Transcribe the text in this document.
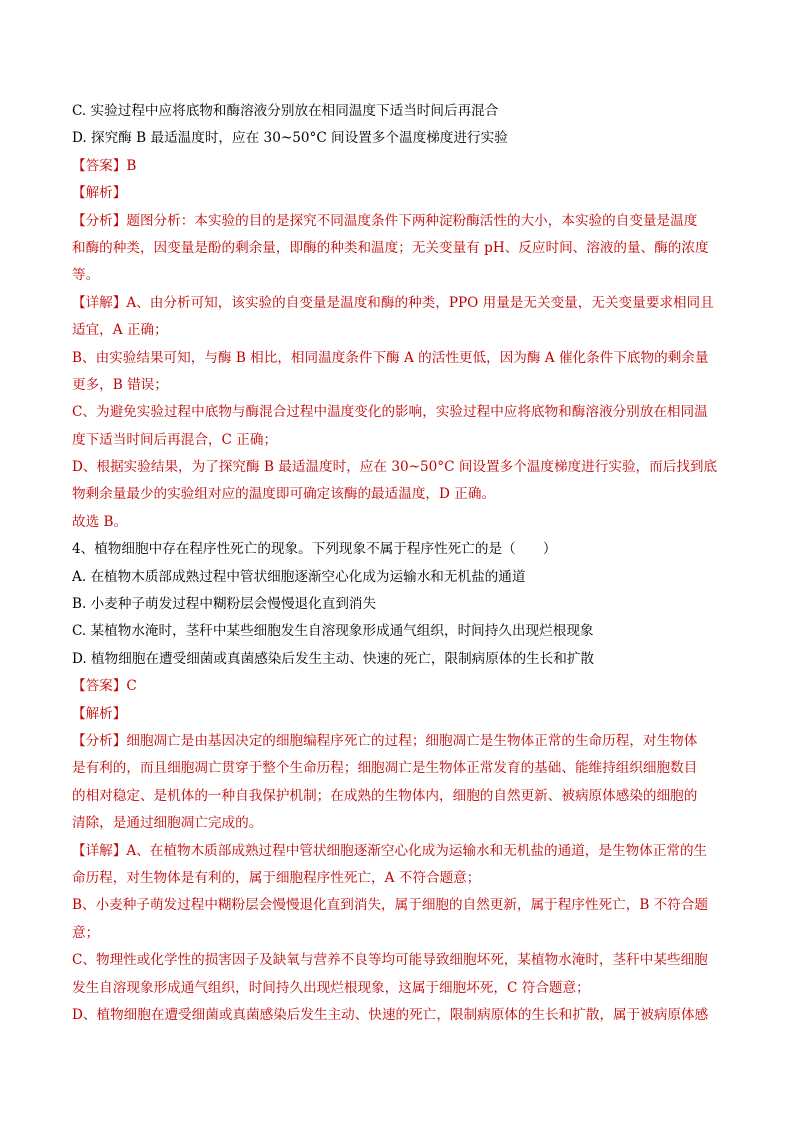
C. 实验过程中应将底物和酶溶液分别放在相同温度下适当时间后再混合
D. 探究酶 B 最适温度时，应在 30~50°C 间设置多个温度梯度进行实验
【答案】B
【解析】
【分析】题图分析：本实验的目的是探究不同温度条件下两种淀粉酶活性的大小，本实验的自变量是温度
和酶的种类，因变量是酚的剩余量，即酶的种类和温度；无关变量有 pH、反应时间、溶液的量、酶的浓度
等。
【详解】A、由分析可知，该实验的自变量是温度和酶的种类，PPO 用量是无关变量，无关变量要求相同且
适宜，A 正确；
B、由实验结果可知，与酶 B 相比，相同温度条件下酶 A 的活性更低，因为酶 A 催化条件下底物的剩余量
更多，B 错误；
C、为避免实验过程中底物与酶混合过程中温度变化的影响，实验过程中应将底物和酶溶液分别放在相同温
度下适当时间后再混合，C 正确；
D、根据实验结果，为了探究酶 B 最适温度时，应在 30~50°C 间设置多个温度梯度进行实验，而后找到底
物剩余量最少的实验组对应的温度即可确定该酶的最适温度，D 正确。
故选 B。
4、植物细胞中存在程序性死亡的现象。下列现象不属于程序性死亡的是（　　）
A. 在植物木质部成熟过程中管状细胞逐渐空心化成为运输水和无机盐的通道
B. 小麦种子萌发过程中糊粉层会慢慢退化直到消失
C. 某植物水淹时，茎秆中某些细胞发生自溶现象形成通气组织，时间持久出现烂根现象
D. 植物细胞在遭受细菌或真菌感染后发生主动、快速的死亡，限制病原体的生长和扩散
【答案】C
【解析】
【分析】细胞凋亡是由基因决定的细胞编程序死亡的过程；细胞凋亡是生物体正常的生命历程，对生物体
是有利的，而且细胞凋亡贯穿于整个生命历程；细胞凋亡是生物体正常发育的基础、能维持组织细胞数目
的相对稳定、是机体的一种自我保护机制；在成熟的生物体内，细胞的自然更新、被病原体感染的细胞的
清除，是通过细胞凋亡完成的。
【详解】A、在植物木质部成熟过程中管状细胞逐渐空心化成为运输水和无机盐的通道，是生物体正常的生
命历程，对生物体是有利的，属于细胞程序性死亡，A 不符合题意；
B、小麦种子萌发过程中糊粉层会慢慢退化直到消失，属于细胞的自然更新，属于程序性死亡，B 不符合题
意；
C、物理性或化学性的损害因子及缺氧与营养不良等均可能导致细胞坏死，某植物水淹时，茎秆中某些细胞
发生自溶现象形成通气组织，时间持久出现烂根现象，这属于细胞坏死，C 符合题意；
D、植物细胞在遭受细菌或真菌感染后发生主动、快速的死亡，限制病原体的生长和扩散，属于被病原体感
